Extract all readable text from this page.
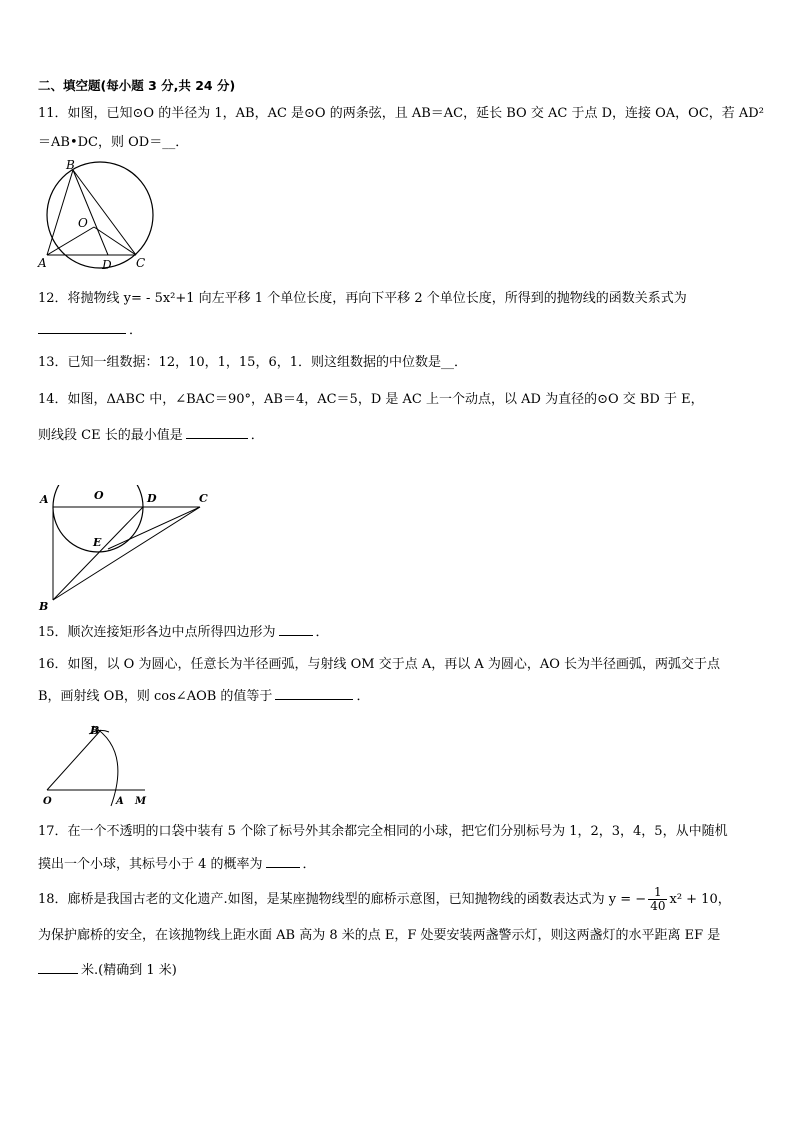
二、填空题(每小题 3 分,共 24 分)
11．如图，已知⊙O 的半径为 1，AB，AC 是⊙O 的两条弦，且 AB＝AC，延长 BO 交 AC 于点 D，连接 OA，OC，若 AD²
＝AB•DC，则 OD＝__．
B
O
A	D C
12．将抛物线 y= - 5x²+1 向左平移 1 个单位长度，再向下平移 2 个单位长度，所得到的抛物线的函数关系式为
．
13．已知一组数据：12，10，1，15，6，1．则这组数据的中位数是__．
14．如图，ΔABC 中，∠BAC＝90°，AB＝4，AC＝5，D 是 AC 上一个动点，以 AD 为直径的⊙O 交 BD 于 E，
则线段 CE 长的最小值是	．
A	O	D	C
E
B
15．顺次连接矩形各边中点所得四边形为	．
16．如图，以 O 为圆心，任意长为半径画弧，与射线 OM 交于点 A，再以 A 为圆心，AO 长为半径画弧，两弧交于点
B，画射线 OB，则 cos∠AOB 的值等于	．
B
O	A M
17．在一个不透明的口袋中装有 5 个除了标号外其余都完全相同的小球，把它们分别标号为 1，2，3，4，5，从中随机
摸出一个小球，其标号小于 4 的概率为	．
18．廊桥是我国古老的文化遗产.如图，是某座抛物线型的廊桥示意图，已知抛物线的函数表达式为 y = − $\frac{1}{40} x^2 + 10$，
为保护廊桥的安全，在该抛物线上距水面 AB 高为 8 米的点 E，F 处要安装两盏警示灯，则这两盏灯的水平距离 EF 是
米.(精确到 1 米)
